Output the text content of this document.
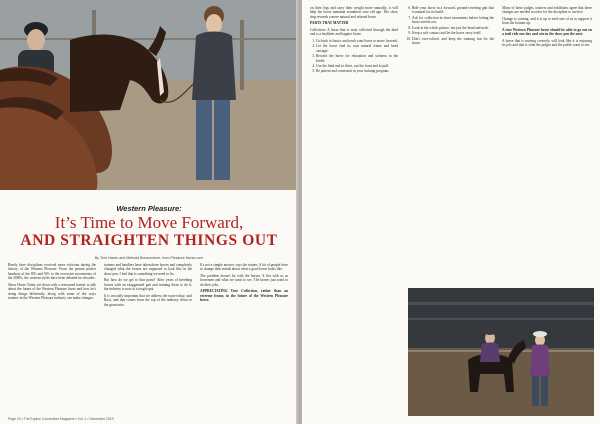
Western Pleasure:
It’s Time to Move Forward,
AND STRAIGHTEN THINGS OUT
By Terri Haven and Melinda Bonaventure, from Pleasure Horse.com

Rarely have disciplines received more criticism during the history of the Western Pleasure. From the peanut pusher headsets of the 80's and 90's to the excessive movements of the 2000's, the western styles have been debated for decades.

Show Horse Today sat down with a renowned trainer to talk about the future of the Western Pleasure horse and how he's doing things differently, along with some of the ways trainers in the Western Pleasure industry can make changes.

trainers and handlers have taken these horses and completely changed what the horses are supposed to look like in the show pen. I feel that is something we need to fix.

But how do we get to that point? After years of breeding horses with an exaggerated gait and training them to do it, the industry is now at a tough spot.

It is crucially important that we address the issue today, said Ross, and that comes from the top of the industry down to the grassroots.

It's not a simple answer, says the trainer. A lot of people have to change their minds about what a good horse looks like.

The problem doesn't lie with the horses. It lies with us as horsemen and what we want to see. The horses just want to do their jobs.

APPRECIATING True Collection, rather than an extreme frame, in the future of the Western Pleasure horse.

Page 20 • The Equine Connection Magazine • Vol. 1 • December 2019

on their legs and carry their weight more naturally, it will help the horse maintain soundness into old age. The show ring rewards a more natural and relaxed horse.

PARTS THAT MATTER

Collection: A horse that is truly collected through the hind end is a healthier and happier horse.

1. Go back to basics and teach your horse to move forward.
2. Let the horse find its own natural frame and head carriage.
3. Reward the horse for relaxation and softness in the bridle.
4. Use the hind end to drive, not the front end to pull.
5. Be patient and consistent in your training program.
6. Ride your horse in a forward, ground-covering gait that is natural for its build.
7. Ask for collection in short increments before letting the horse stretch out.
8. Look at the whole picture, not just the head and neck.
9. Keep a soft contact and let the horse carry itself.
10. Don't over-school, and keep the training fun for the horse.

Many of these judges, trainers and exhibitors agree that these changes are needed in order for the discipline to survive.

Change is coming, and it is up to each one of us to support it from the bottom up.

A true Western Pleasure horse should be able to go out on a trail ride one day and win in the show pen the next.

A horse that is moving correctly will look like it is enjoying its job, and that is what the judges and the public want to see.
